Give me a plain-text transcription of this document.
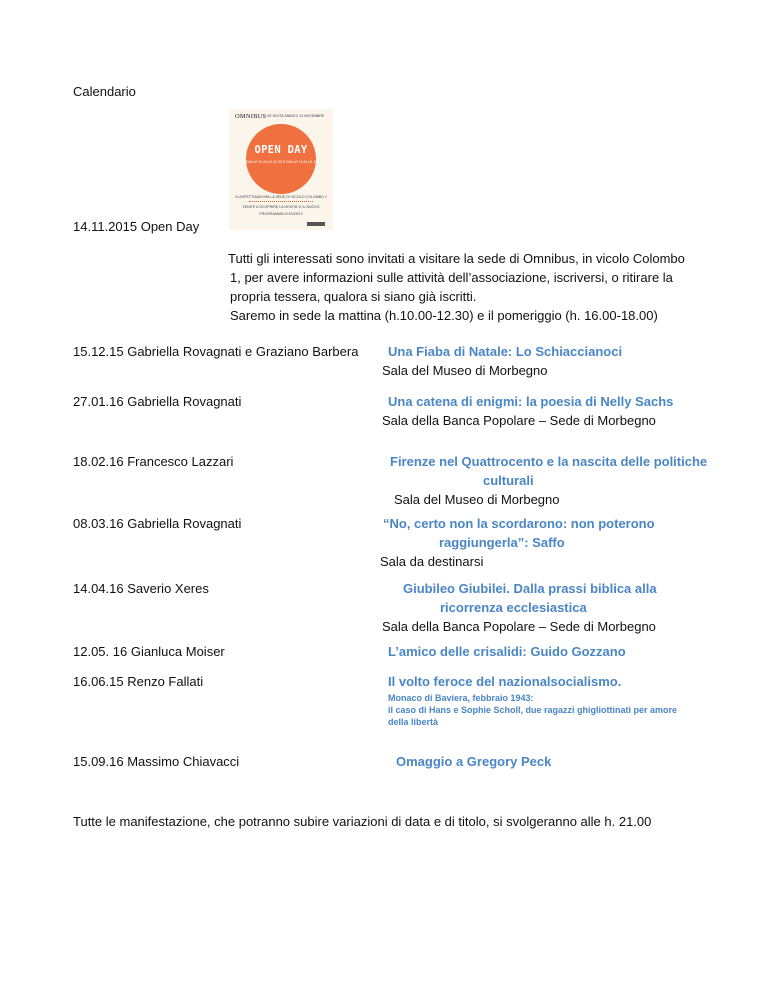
Calendario
OMNIBUS VE DIVITA SABATO 14 NOVEMBRE
OPEN DAY
DALLE 10 ALLE 12.30 E DALLE 16 ALLE 18
VI ASPETTIAMO NELLA SEDE DI VICOLO COLOMBO 1
VENITE A SCOPRIRE LA NOVITA' E IL NUOVO
PROGRAMMA DI EVENTI!
14.11.2015 Open Day
Tutti gli interessati sono invitati a visitare la sede di Omnibus, in vicolo Colombo
1, per avere informazioni sulle attività dell’associazione, iscriversi, o ritirare la
propria tessera, qualora si siano già iscritti.
Saremo in sede la mattina (h.10.00-12.30) e il pomeriggio (h. 16.00-18.00)
15.12.15 Gabriella Rovagnati e Graziano Barbera Una Fiaba di Natale: Lo Schiaccianoci
Sala del Museo di Morbegno
27.01.16 Gabriella Rovagnati	Una catena di enigmi: la poesia di Nelly Sachs
Sala della Banca Popolare – Sede di Morbegno
18.02.16 Francesco Lazzari	Firenze nel Quattrocento e la nascita delle politiche
culturali
Sala del Museo di Morbegno
08.03.16 Gabriella Rovagnati	“No, certo non la scordarono: non poterono
raggiungerla”: Saffo
Sala da destinarsi
14.04.16 Saverio Xeres	Giubileo Giubilei. Dalla prassi biblica alla
ricorrenza ecclesiastica
Sala della Banca Popolare – Sede di Morbegno
12.05. 16 Gianluca Moiser	L’amico delle crisalidi: Guido Gozzano
16.06.15 Renzo Fallati	Il volto feroce del nazionalsocialismo.
Monaco di Baviera, febbraio 1943:
il caso di Hans e Sophie Scholl, due ragazzi ghigliottinati per amore
della libertà
15.09.16 Massimo Chiavacci	Omaggio a Gregory Peck
Tutte le manifestazione, che potranno subire variazioni di data e di titolo, si svolgeranno alle h. 21.00
